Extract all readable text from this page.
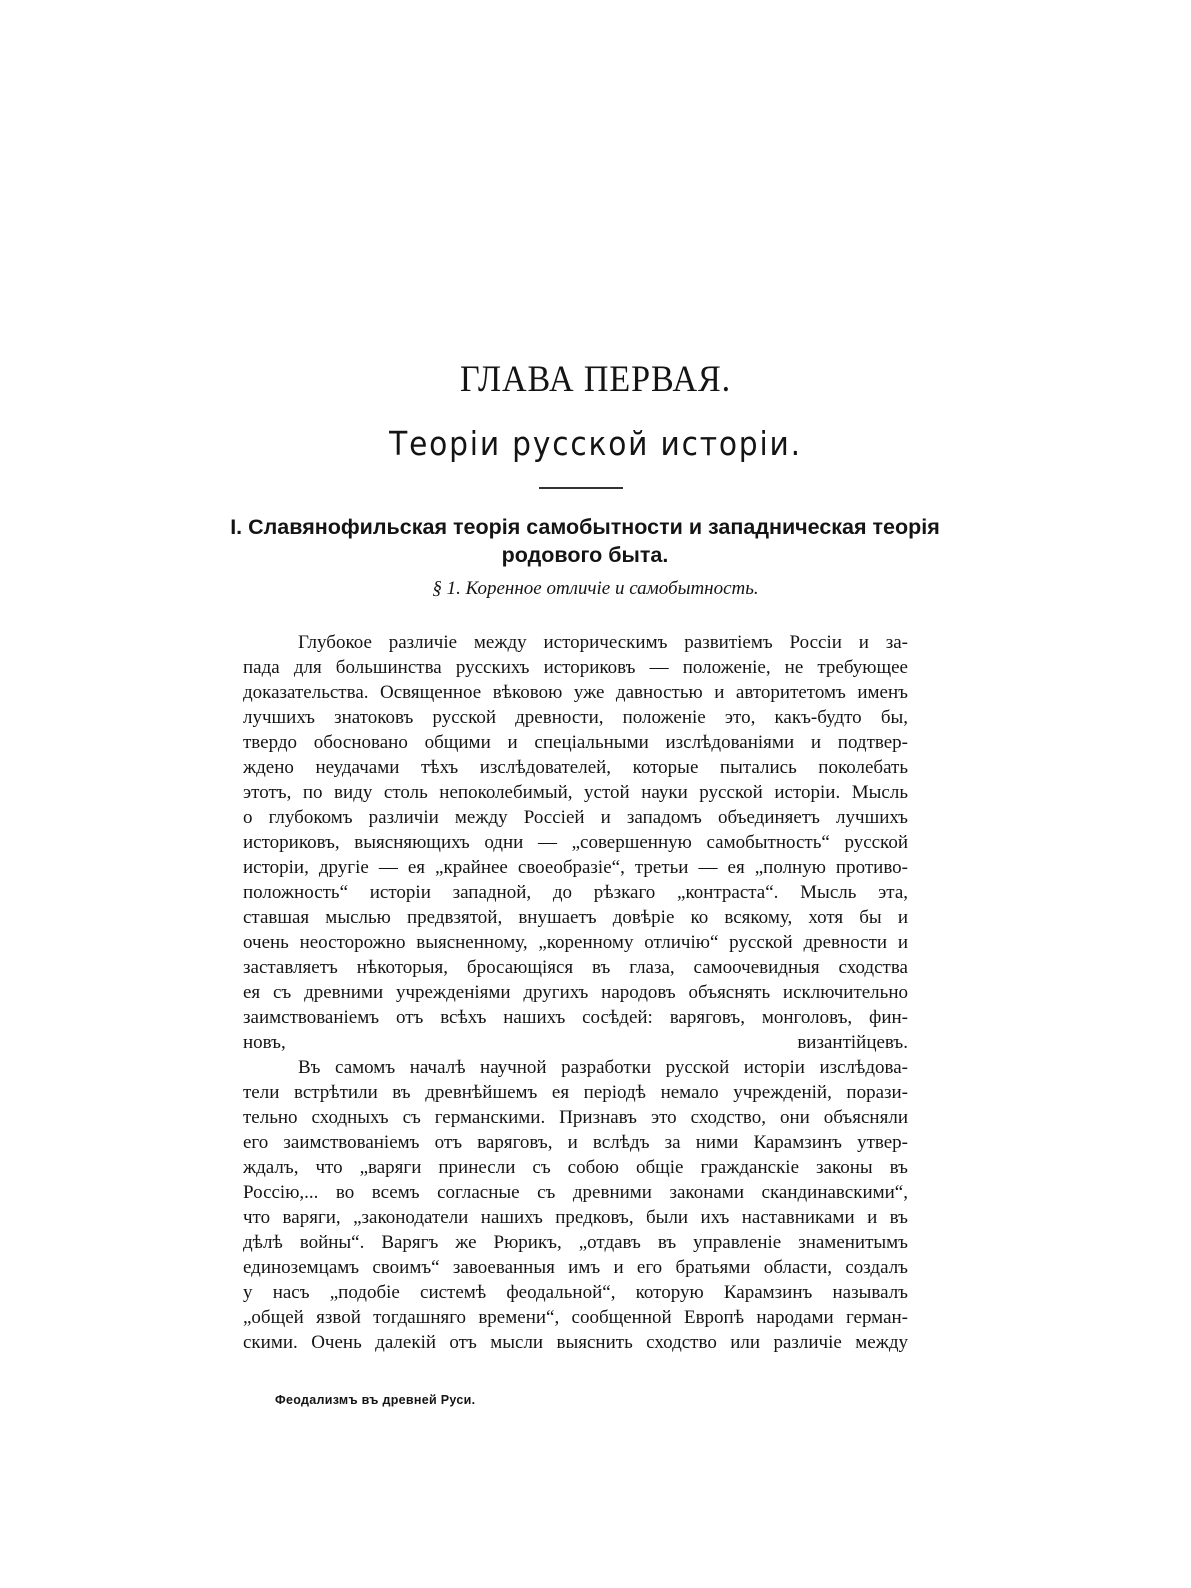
ГЛАВА ПЕРВАЯ.
Теоріи русской исторіи.
I. Славянофильская теорія самобытности и западническая теорія
родового быта.
§ 1. Коренное отличіе и самобытность.
Глубокое различіе между историческимъ развитіемъ Россіи и за-
пада для большинства русскихъ историковъ — положеніе, не требующее
доказательства. Освященное вѣковою уже давностью и авторитетомъ именъ
лучшихъ знатоковъ русской древности, положеніе это, какъ-будто бы,
твердо обосновано общими и спеціальными изслѣдованіями и подтвер-
ждено неудачами тѣхъ изслѣдователей, которые пытались поколебать
этотъ, по виду столь непоколебимый, устой науки русской исторіи. Мысль
о глубокомъ различіи между Россіей и западомъ объединяетъ лучшихъ
историковъ, выясняющихъ одни — „совершенную самобытность“ русской
исторіи, другіе — ея „крайнее своеобразіе“, третьи — ея „полную противо-
положность“ исторіи западной, до рѣзкаго „контраста“. Мысль эта,
ставшая мыслью предвзятой, внушаетъ довѣріе ко всякому, хотя бы и
очень неосторожно выясненному, „коренному отличію“ русской древности и
заставляетъ нѣкоторыя, бросающіяся въ глаза, самоочевидныя сходства
ея съ древними учрежденіями другихъ народовъ объяснять исключительно
заимствованіемъ отъ всѣхъ нашихъ сосѣдей: варяговъ, монголовъ, фин-
новъ, византійцевъ.
Въ самомъ началѣ научной разработки русской исторіи изслѣдова-
тели встрѣтили въ древнѣйшемъ ея періодѣ немало учрежденій, порази-
тельно сходныхъ съ германскими. Признавъ это сходство, они объясняли
его заимствованіемъ отъ варяговъ, и вслѣдъ за ними Карамзинъ утвер-
ждалъ, что „варяги принесли съ собою общіе гражданскіе законы въ
Россію,... во всемъ согласные съ древними законами скандинавскими“,
что варяги, „законодатели нашихъ предковъ, были ихъ наставниками и въ
дѣлѣ войны“. Варягъ же Рюрикъ, „отдавъ въ управленіе знаменитымъ
единоземцамъ своимъ“ завоеванныя имъ и его братьями области, создалъ
у насъ „подобіе системѣ феодальной“, которую Карамзинъ называлъ
„общей язвой тогдашняго времени“, сообщенной Европѣ народами герман-
скими. Очень далекій отъ мысли выяснить сходство или различіе между
Феодализмъ въ древней Руси.
